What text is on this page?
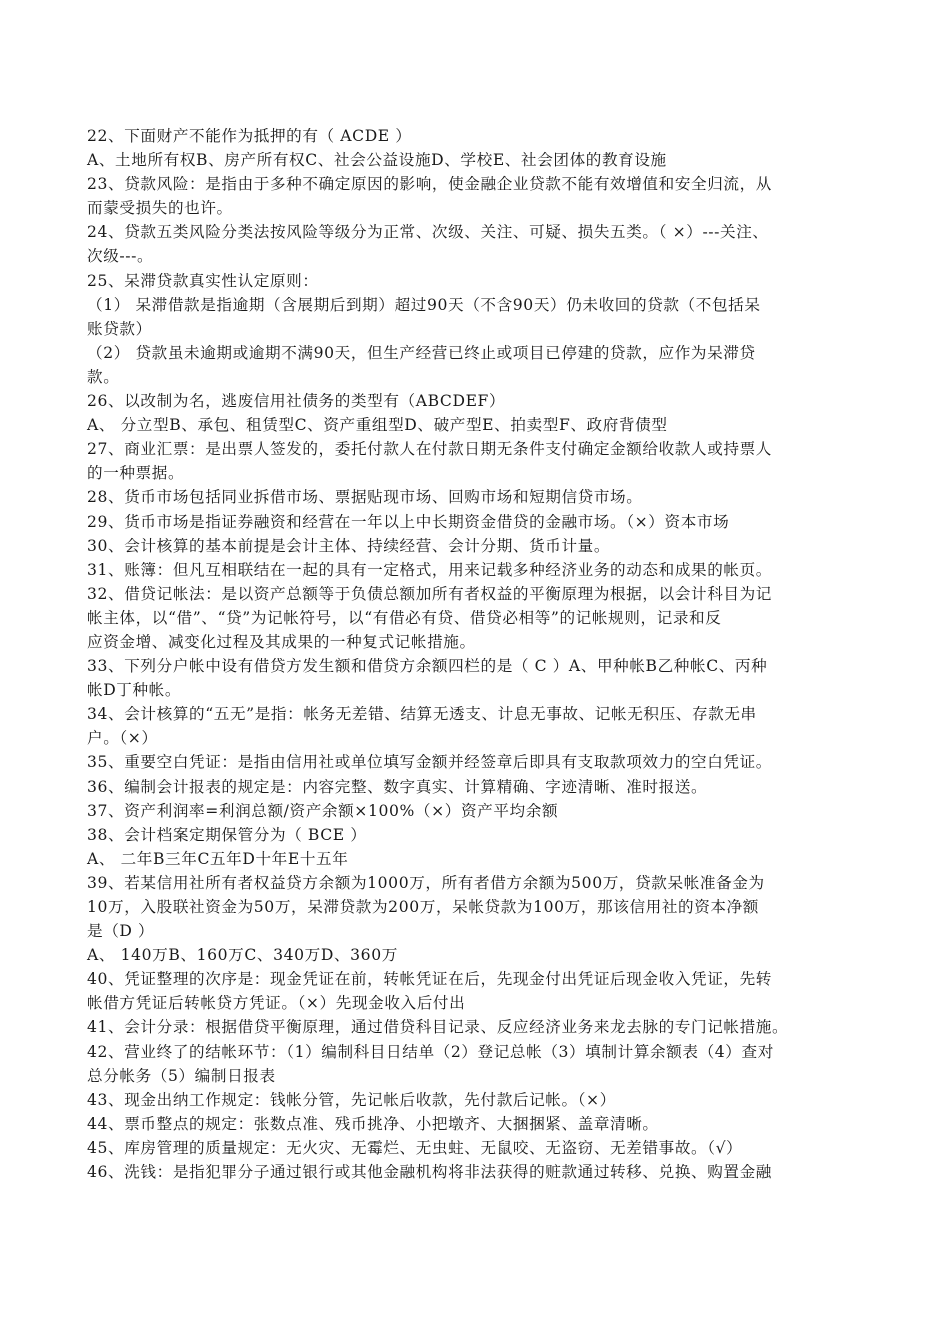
22、下面财产不能作为抵押的有（ ACDE ）
A、土地所有权B、房产所有权C、社会公益设施D、学校E、社会团体的教育设施
23、贷款风险：是指由于多种不确定原因的影响，使金融企业贷款不能有效增值和安全归流，从
而蒙受损失的也许。
24、贷款五类风险分类法按风险等级分为正常、次级、关注、可疑、损失五类。（ ×）---关注、
次级---。
25、呆滞贷款真实性认定原则：
（1） 呆滞借款是指逾期（含展期后到期）超过90天（不含90天）仍未收回的贷款（不包括呆
账贷款）
（2） 贷款虽未逾期或逾期不满90天，但生产经营已终止或项目已停建的贷款，应作为呆滞贷
款。
26、以改制为名，逃废信用社债务的类型有（ABCDEF）
A、 分立型B、承包、租赁型C、资产重组型D、破产型E、拍卖型F、政府背债型
27、商业汇票：是出票人签发的，委托付款人在付款日期无条件支付确定金额给收款人或持票人
的一种票据。
28、货币市场包括同业拆借市场、票据贴现市场、回购市场和短期信贷市场。
29、货币市场是指证券融资和经营在一年以上中长期资金借贷的金融市场。（×）资本市场
30、会计核算的基本前提是会计主体、持续经营、会计分期、货币计量。
31、账簿：但凡互相联结在一起的具有一定格式，用来记载多种经济业务的动态和成果的帐页。
32、借贷记帐法：是以资产总额等于负债总额加所有者权益的平衡原理为根据，以会计科目为记
帐主体，以“借”、“贷”为记帐符号，以“有借必有贷、借贷必相等”的记帐规则，记录和反
应资金增、减变化过程及其成果的一种复式记帐措施。
33、下列分户帐中设有借贷方发生额和借贷方余额四栏的是（ C ）A、甲种帐B乙种帐C、丙种
帐D丁种帐。
34、会计核算的“五无”是指：帐务无差错、结算无透支、计息无事故、记帐无积压、存款无串
户。（×）
35、重要空白凭证：是指由信用社或单位填写金额并经签章后即具有支取款项效力的空白凭证。
36、编制会计报表的规定是：内容完整、数字真实、计算精确、字迹清晰、准时报送。
37、资产利润率=利润总额/资产余额×100%（×）资产平均余额
38、会计档案定期保管分为（ BCE ）
A、 二年B三年C五年D十年E十五年
39、若某信用社所有者权益贷方余额为1000万，所有者借方余额为500万，贷款呆帐准备金为
10万，入股联社资金为50万，呆滞贷款为200万，呆帐贷款为100万，那该信用社的资本净额
是（D ）
A、 140万B、160万C、340万D、360万
40、凭证整理的次序是：现金凭证在前，转帐凭证在后，先现金付出凭证后现金收入凭证，先转
帐借方凭证后转帐贷方凭证。（×）先现金收入后付出
41、会计分录：根据借贷平衡原理，通过借贷科目记录、反应经济业务来龙去脉的专门记帐措施。
42、营业终了的结帐环节：（1）编制科目日结单（2）登记总帐（3）填制计算余额表（4）查对
总分帐务（5）编制日报表
43、现金出纳工作规定：钱帐分管，先记帐后收款，先付款后记帐。（×）
44、票币整点的规定：张数点准、残币挑净、小把墩齐、大捆捆紧、盖章清晰。
45、库房管理的质量规定：无火灾、无霉烂、无虫蛀、无鼠咬、无盗窃、无差错事故。（√）
46、洗钱：是指犯罪分子通过银行或其他金融机构将非法获得的赃款通过转移、兑换、购置金融
